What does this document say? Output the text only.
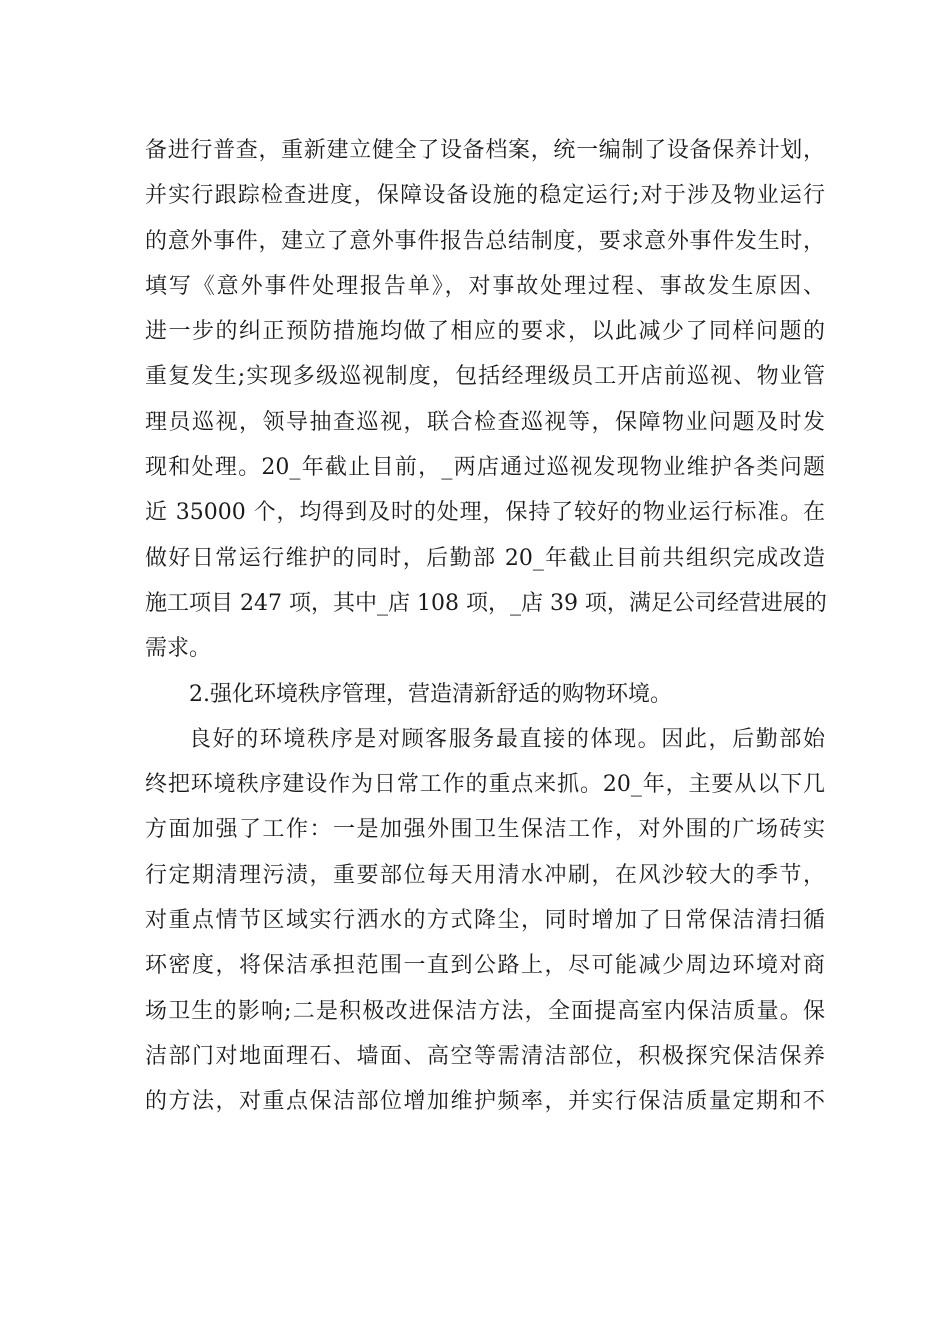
备进行普查，重新建立健全了设备档案，统一编制了设备保养计划，
并实行跟踪检查进度，保障设备设施的稳定运行;对于涉及物业运行
的意外事件，建立了意外事件报告总结制度，要求意外事件发生时，
填写《意外事件处理报告单》，对事故处理过程、事故发生原因、
进一步的纠正预防措施均做了相应的要求，以此减少了同样问题的
重复发生;实现多级巡视制度，包括经理级员工开店前巡视、物业管
理员巡视，领导抽查巡视，联合检查巡视等，保障物业问题及时发
现和处理。20_年截止目前，_两店通过巡视发现物业维护各类问题
近 35000 个，均得到及时的处理，保持了较好的物业运行标准。在
做好日常运行维护的同时，后勤部 20_年截止目前共组织完成改造
施工项目 247 项，其中_店 108 项，_店 39 项，满足公司经营进展的
需求。
2.强化环境秩序管理，营造清新舒适的购物环境。
良好的环境秩序是对顾客服务最直接的体现。因此，后勤部始
终把环境秩序建设作为日常工作的重点来抓。20_年，主要从以下几
方面加强了工作：一是加强外围卫生保洁工作，对外围的广场砖实
行定期清理污渍，重要部位每天用清水冲刷，在风沙较大的季节，
对重点情节区域实行洒水的方式降尘，同时增加了日常保洁清扫循
环密度，将保洁承担范围一直到公路上，尽可能减少周边环境对商
场卫生的影响;二是积极改进保洁方法，全面提高室内保洁质量。保
洁部门对地面理石、墙面、高空等需清洁部位，积极探究保洁保养
的方法，对重点保洁部位增加维护频率，并实行保洁质量定期和不
